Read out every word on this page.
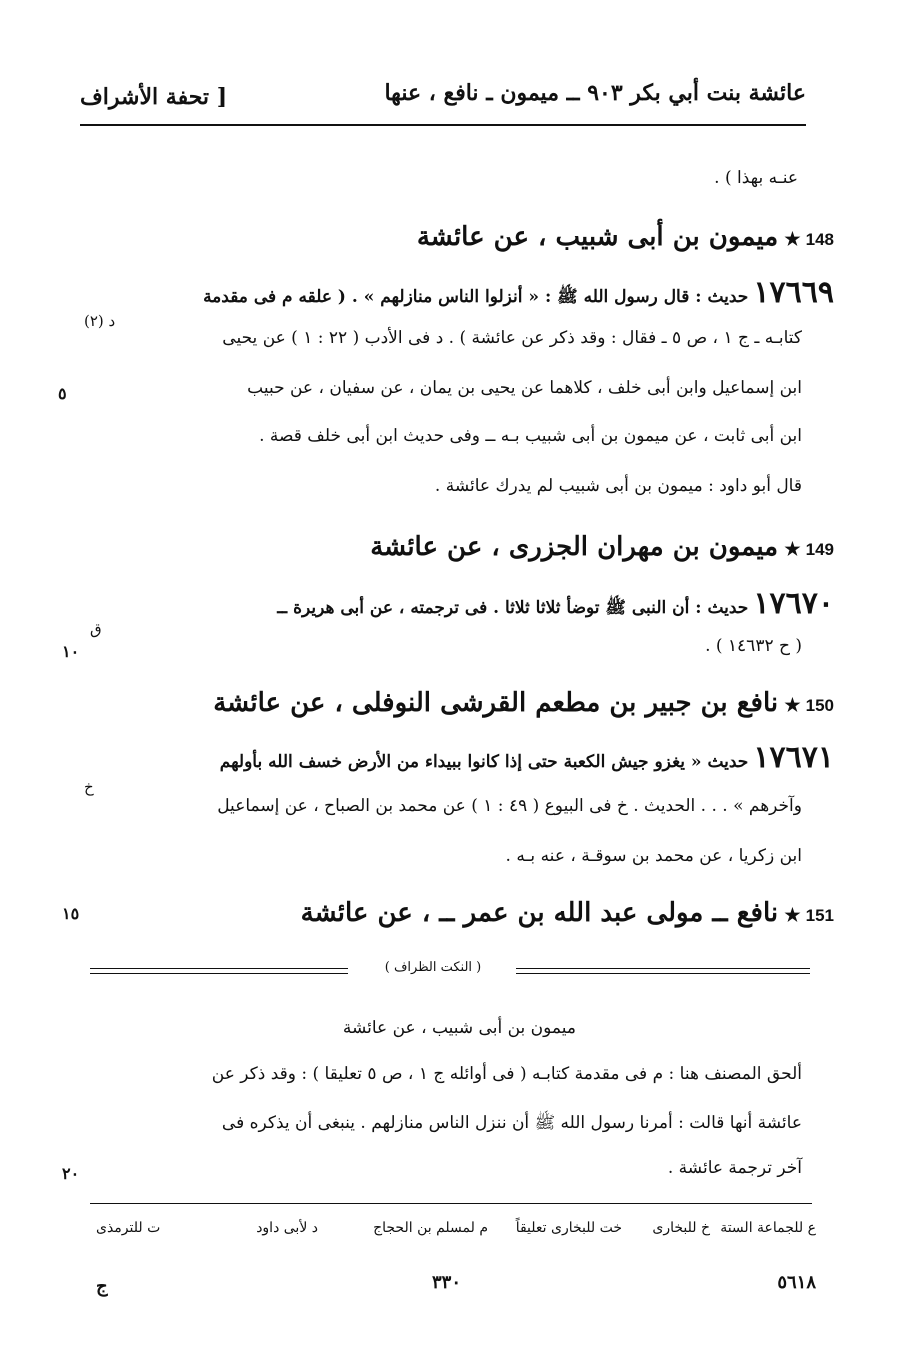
عائشة بنت أبي بكر ٩٠٣ ــ ميمون ـ نافع ، عنها
[ تحفة الأشراف
عنـه بهذا ) .
148 ★ ميمون بن أبى شبيب ، عن عائشة
١٧٦٦٩ حديث : قال رسول الله ﷺ : « أنزلوا الناس منازلهم » . ( علقه م فى مقدمة
(٢) د
كتابـه ـ ج ١ ، ص ٥ ـ فقال : وقد ذكر عن عائشة ) . د فى الأدب ( ٢٢ : ١ ) عن يحيى
ابن إسماعيل وابن أبى خلف ، كلاهما عن يحيى بن يمان ، عن سفيان ، عن حبيب
ابن أبى ثابت ، عن ميمون بن أبى شبيب بـه ــ وفى حديث ابن أبى خلف قصة .
قال أبو داود : ميمون بن أبى شبيب لم يدرك عائشة .
٥
149 ★ ميمون بن مهران الجزرى ، عن عائشة
١٧٦٧٠ حديث : أن النبى ﷺ توضأ ثلاثا ثلاثا . فى ترجمته ، عن أبى هريرة ــ
ق
( ح ١٤٦٣٢ ) .
١٠
150 ★ نافع بن جبير بن مطعم القرشى النوفلى ، عن عائشة
١٧٦٧١ حديث « يغزو جيش الكعبة حتى إذا كانوا ببيداء من الأرض خسف الله بأولهم
خ
وآخرهم » . . . الحديث . خ فى البيوع ( ٤٩ : ١ ) عن محمد بن الصباح ، عن إسماعيل
ابن زكريا ، عن محمد بن سوقـة ، عنه بـه .
151 ★ نافع ــ مولى عبد الله بن عمر ــ ، عن عائشة
١٥
( النكت الظراف )
ميمون بن أبى شبيب ، عن عائشة
ألحق المصنف هنا : م فى مقدمة كتابـه ( فى أوائله ج ١ ، ص ٥ تعليقا ) : وقد ذكر عن
عائشة أنها قالت : أمرنا رسول الله ﷺ أن ننزل الناس منازلهم . ينبغى أن يذكره فى
آخر ترجمة عائشة .
٢٠
ع للجماعة الستة
خ للبخارى
خت للبخارى تعليقاً
م لمسلم بن الحجاج
د لأبى داود
ت للترمذى
٥٦١٨
٣٣٠
ج
